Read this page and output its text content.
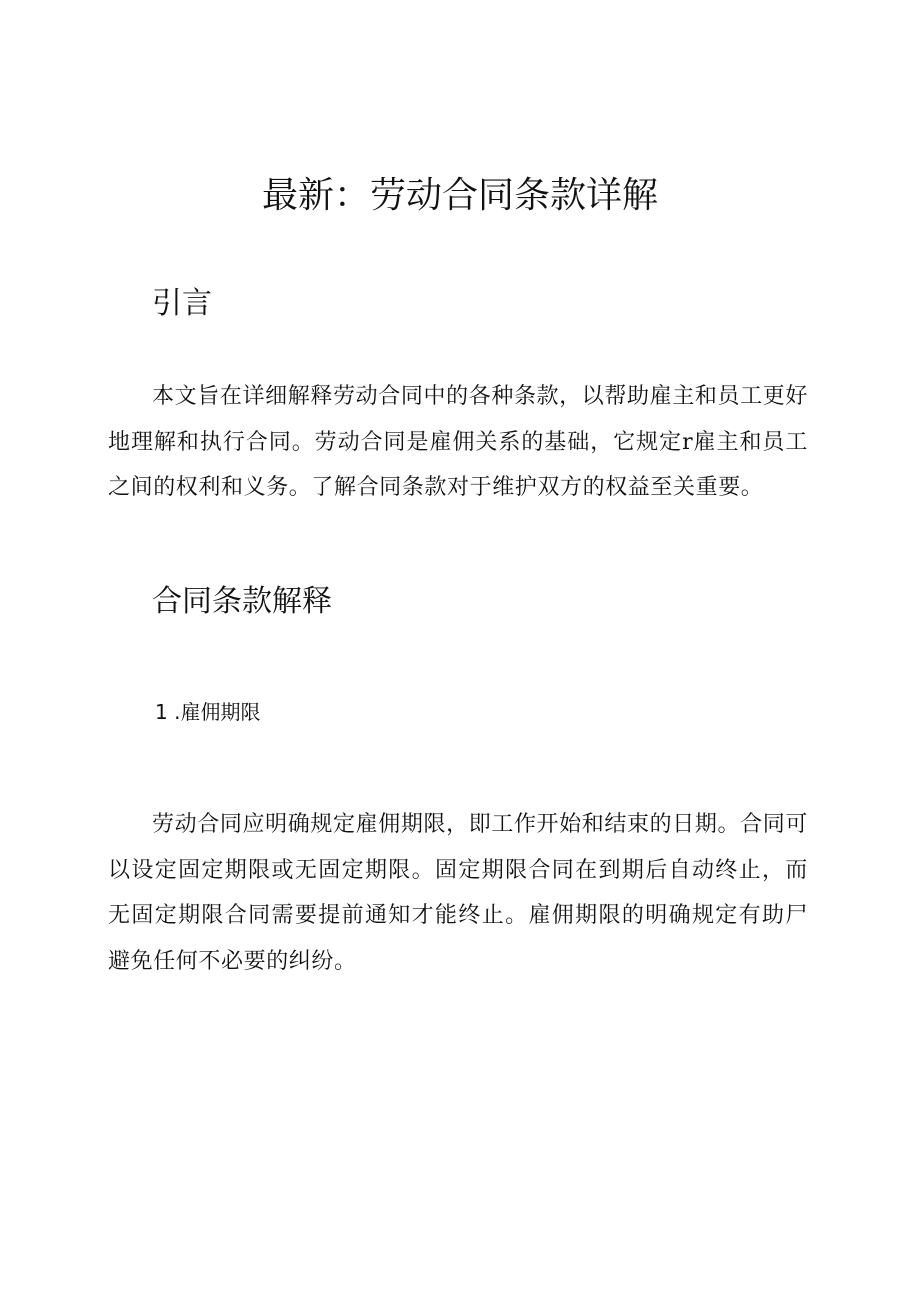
最新：劳动合同条款详解
引言

本文旨在详细解释劳动合同中的各种条款，以帮助雇主和员工更好地理解和执行合同。劳动合同是雇佣关系的基础，它规定r雇主和员工之间的权利和义务。了解合同条款对于维护双方的权益至关重要。

合同条款解释
1 .雇佣期限

劳动合同应明确规定雇佣期限，即工作开始和结束的日期。合同可以设定固定期限或无固定期限。固定期限合同在到期后自动终止，而无固定期限合同需要提前通知才能终止。雇佣期限的明确规定有助尸避免任何不必要的纠纷。
